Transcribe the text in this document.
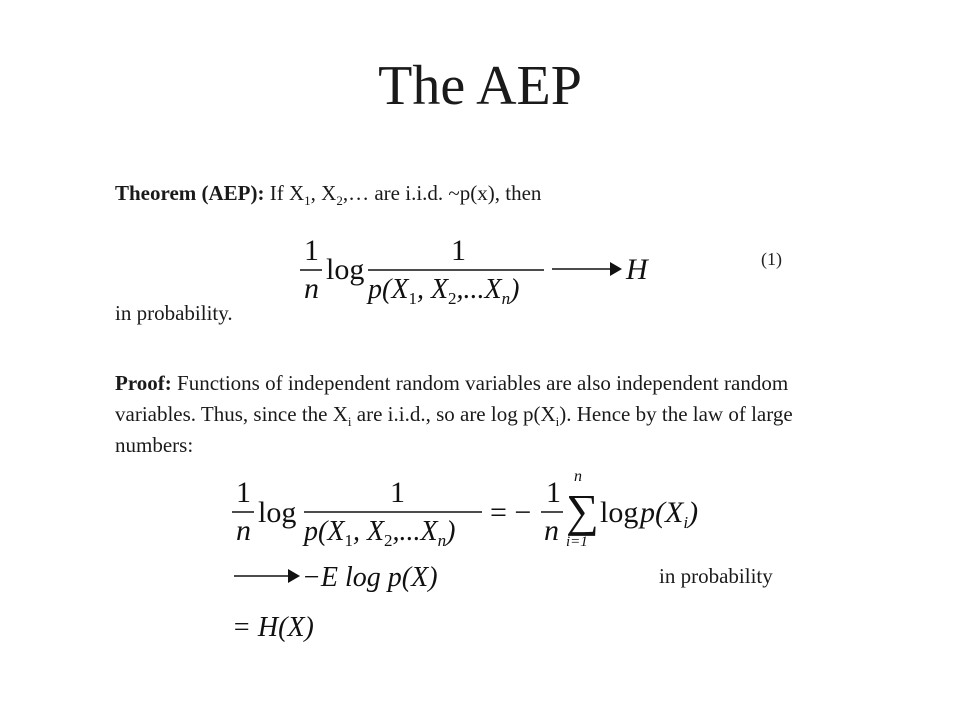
The AEP
Theorem (AEP): If $X_1$, $X_2,\dots$ are i.i.d. ~p(x), then
1
n
log
1
$p(X_1$, $X_2,...X_n$)
H	(1)
in probability.
Proof: Functions of independent random variables are also independent random
variables. Thus, since the $X_i$ are i.i.d., so are $\log p(X_i)$. Hence by the law of large
numbers:
1
n
log
1
$p(X_1$, $X_2,...X_n$)
= −
1
n
n
∑
i=1
$\log p(X_i)$
−E log p(X)	in probability
= H(X)
